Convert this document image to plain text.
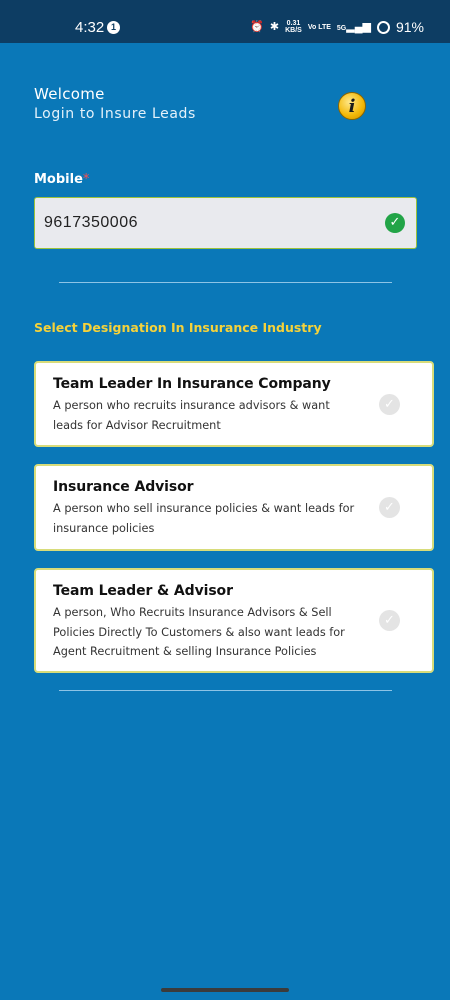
4:32 1	⏰ ✱ 0.31
KB/S Vo LTE 5G▂▄▆ 91%
Welcome
Login to Insure Leads	i
Mobile*
9617350006	✓
Select Designation In Insurance Industry
Team Leader In Insurance Company
A person who recruits insurance advisors & want leads for Advisor Recruitment
✓
Insurance Advisor
A person who sell insurance policies & want leads for insurance policies
✓
Team Leader & Advisor
A person, Who Recruits Insurance Advisors & Sell Policies Directly To Customers & also want leads for Agent Recruitment & selling Insurance Policies
✓
